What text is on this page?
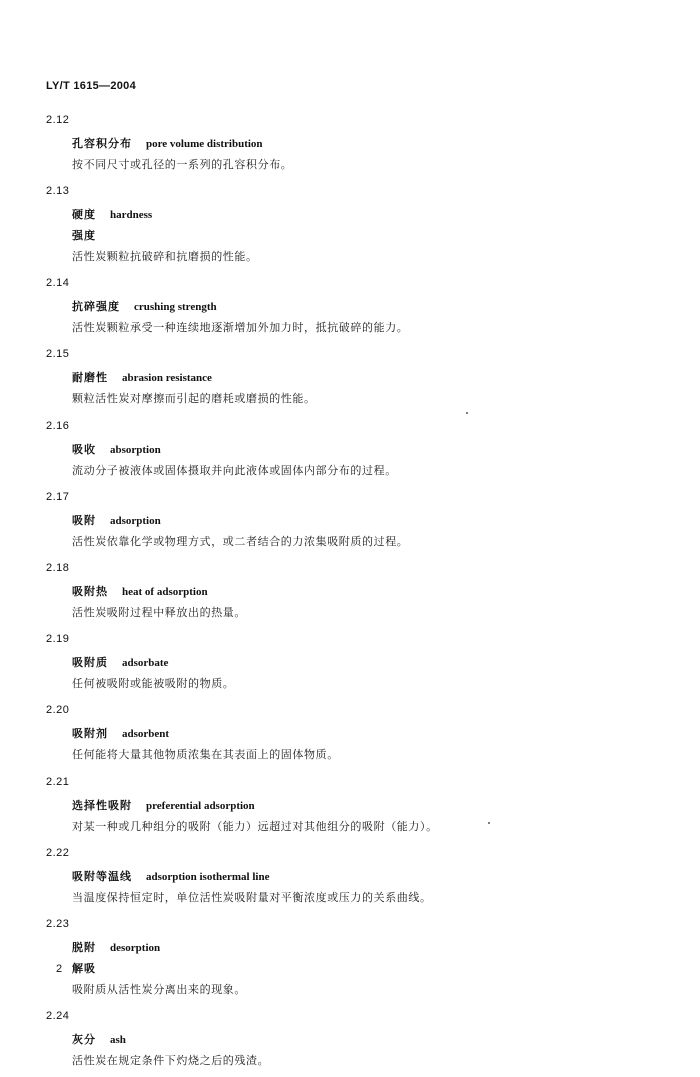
LY/T 1615—2004
2.12
孔容积分布 pore volume distribution
按不同尺寸或孔径的一系列的孔容积分布。
2.13
硬度 hardness
强度
活性炭颗粒抗破碎和抗磨损的性能。
2.14
抗碎强度 crushing strength
活性炭颗粒承受一种连续地逐渐增加外加力时，抵抗破碎的能力。
2.15
耐磨性 abrasion resistance
颗粒活性炭对摩擦而引起的磨耗或磨损的性能。
2.16
吸收 absorption
流动分子被液体或固体摄取并向此液体或固体内部分布的过程。
2.17
吸附 adsorption
活性炭依靠化学或物理方式，或二者结合的力浓集吸附质的过程。
2.18
吸附热 heat of adsorption
活性炭吸附过程中释放出的热量。
2.19
吸附质 adsorbate
任何被吸附或能被吸附的物质。
2.20
吸附剂 adsorbent
任何能将大量其他物质浓集在其表面上的固体物质。
2.21
选择性吸附 preferential adsorption
对某一种或几种组分的吸附（能力）远超过对其他组分的吸附（能力）。
2.22
吸附等温线 adsorption isothermal line
当温度保持恒定时，单位活性炭吸附量对平衡浓度或压力的关系曲线。
2.23
脱附 desorption
解吸
吸附质从活性炭分离出来的现象。
2.24
灰分 ash
活性炭在规定条件下灼烧之后的残渣。
2
